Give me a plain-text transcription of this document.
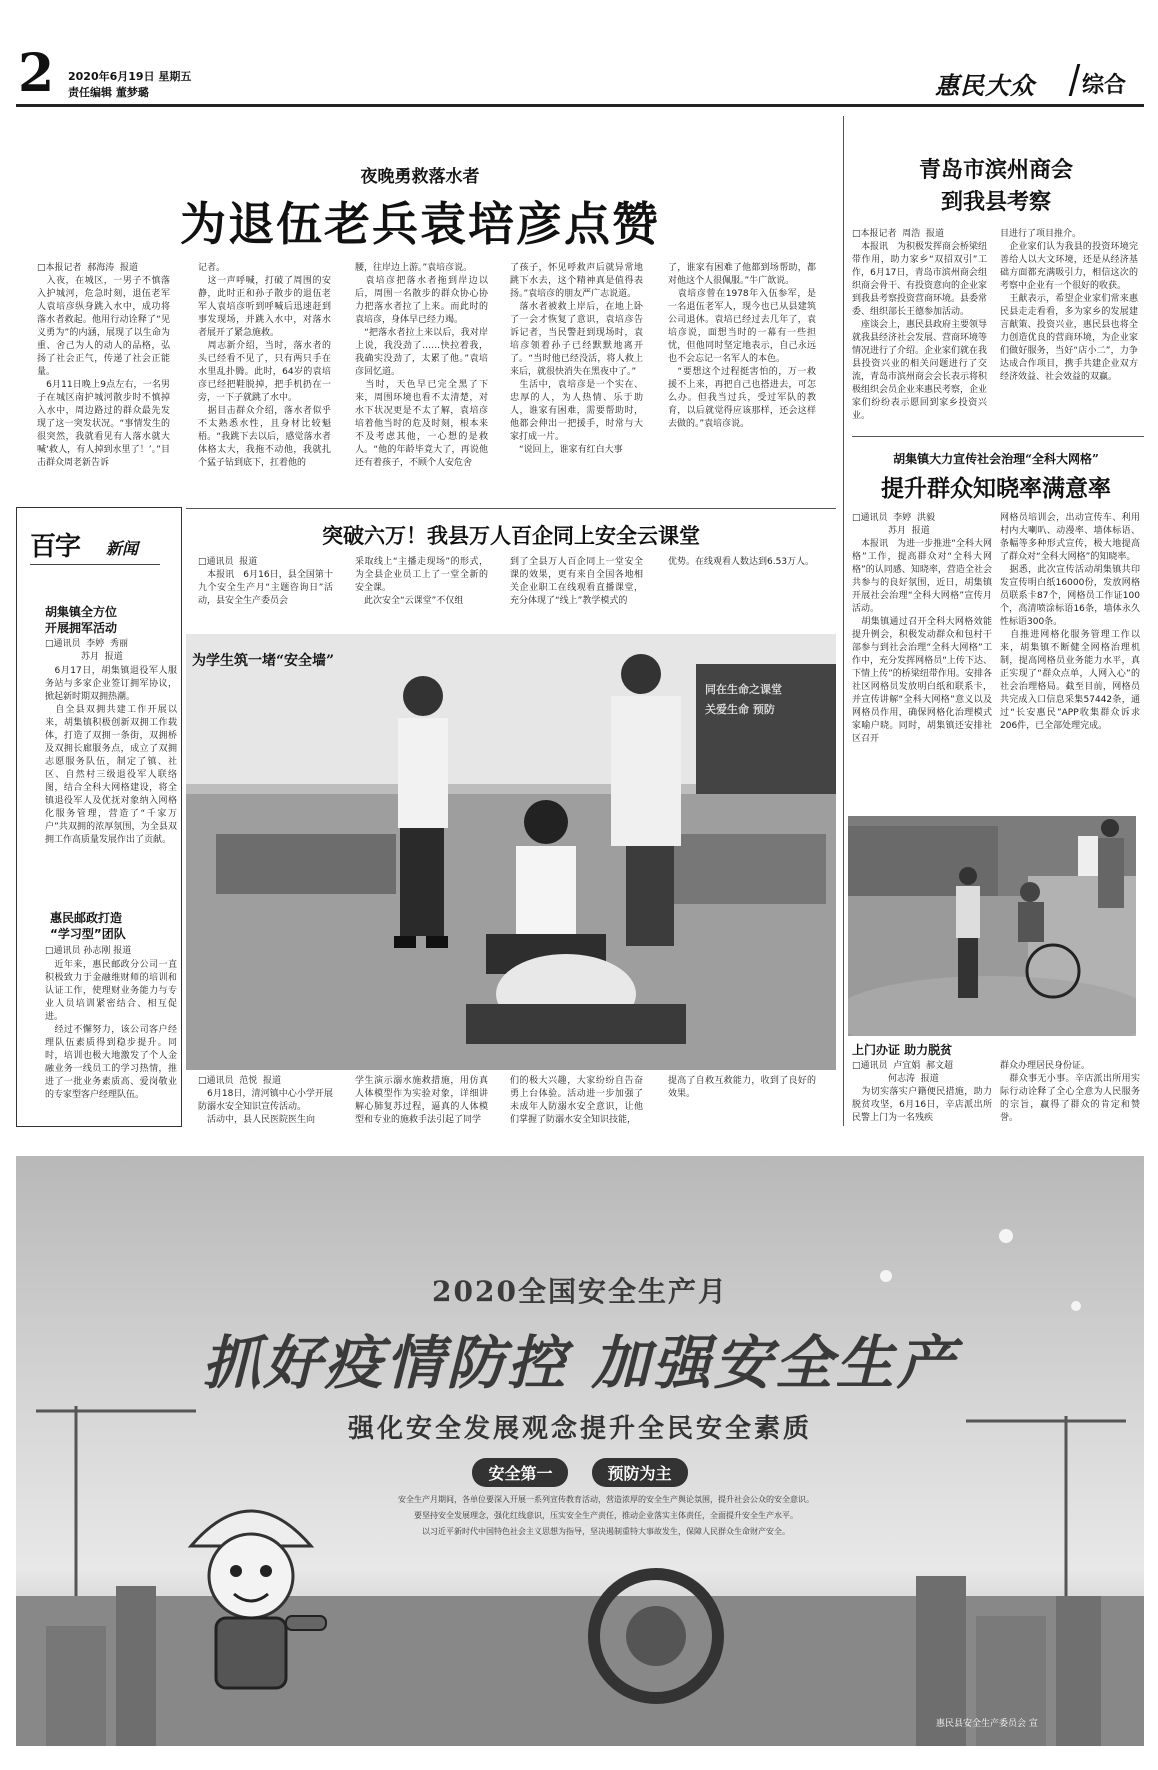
2 2020年6月19日 星期五
责任编辑 董梦璐	惠民大众 综合
夜晚勇救落水者
为退伍老兵袁培彦点赞
□本报记者  郝海涛  报道
　入夜，在城区，一男子不慎落入护城河，危急时刻，退伍老军人袁培彦纵身跳入水中，成功将落水者救起。他用行动诠释了“见义勇为”的内涵，展现了以生命为重、舍己为人的动人的品格，弘扬了社会正气，传递了社会正能量。
　6月11日晚上9点左右，一名男子在城区南护城河散步时不慎掉入水中，周边路过的群众最先发现了这一突发状况。“事情发生的很突然，我就看见有人落水就大喊‘救人，有人掉到水里了！’。”目击群众周老新告诉
记者。
　这一声呼喊，打破了周围的安静，此时正和孙子散步的退伍老军人袁培彦听到呼喊后迅速赶到事发现场，并跳入水中，对落水者展开了紧急施救。
　周志新介绍，当时，落水者的头已经看不见了，只有两只手在水里乱扑腾。此时，64岁的袁培彦已经把鞋脱掉，把手机扔在一旁，一下子就跳了水中。
　据目击群众介绍，落水者似乎不太熟悉水性，且身材比较魁梧。“我跳下去以后，感觉落水者体格太大，我拖不动他，我就扎个猛子钻到底下，扛着他的
腰，往岸边上游。”袁培彦说。
　袁培彦把落水者拖到岸边以后，周围一名散步的群众协心协力把落水者拉了上来。而此时的袁培彦，身体早已经力竭。
　“把落水者拉上来以后，我对岸上说，我没劲了……快拉着我，我确实没劲了，太累了他。”袁培彦回忆道。
　当时，天色早已完全黑了下来，周围环境也看不太清楚，对水下状况更是不太了解，袁培彦培着他当时的危及时刻，根本来不及考虑其他，一心想的是救人。“他的年龄毕竟大了，再说他还有着孩子，不顾个人安危舍
了孩子，怀见呼救声后就异常地跳下水去，这个精神真是值得表扬。”袁培彦的朋友严广志说道。
　落水者被救上岸后，在地上卧了一会才恢复了意识，袁培彦告诉记者，当民警赶到现场时，袁培彦领着孙子已经默默地离开了。“当时他已经没活，将人救上来后，就很快消失在黑夜中了。”
　生活中，袁培彦是一个实在、忠厚的人，为人热情、乐于助人，谁家有困难，需要帮助时，他都会伸出一把援手，时常与大家打成一片。
　“说回上，谁家有红白大事
了，谁家有困难了他都到场帮助，都对他这个人很佩服。”牛广歆说。
　袁培彦曾在1978年入伍参军，是一名退伍老军人，现今也已从县建筑公司退休。袁培已经过去几年了，袁培彦说，面想当时的一幕有一些担忧，但他同时坚定地表示，自己永远也不会忘记一名军人的本色。
　“要想这个过程挺害怕的，万一救援不上来，再把自己也搭进去，可怎么办。但我当过兵，受过军队的教育，以后就觉得应该那样，还会这样去做的。”袁培彦说。
青岛市滨州商会
到我县考察
□本报记者  周浩  报道
　本报讯　为积极发挥商会桥梁纽带作用，助力家乡“双招双引”工作，6月17日，青岛市滨州商会组织商会骨干、有投资意向的企业家到我县考察投资营商环境。县委常委、组织部长王德参加活动。
　座谈会上，惠民县政府主要领导就我县经济社会发展、营商环境等情况进行了介绍。企业家们就在我县投资兴业的相关问题进行了交流，青岛市滨州商会会长表示将积极组织会员企业来惠民考察，企业家们纷纷表示愿回到家乡投资兴业。
目进行了项目推介。
　企业家们认为我县的投资环境完善给人以大文环境，还是从经济基础方面都充满吸引力，相信这次的考察中企业有一个很好的收获。
　王献表示，希望企业家们常来惠民县走走看看，多为家乡的发展建言献策、投资兴业，惠民县也将全力创造优良的营商环境，为企业家们做好服务，当好“店小二”，力争达成合作项目，携手共建企业双方经济效益、社会效益的双赢。
胡集镇大力宣传社会治理“全科大网格”
提升群众知晓率满意率
□通讯员  李婷  洪毅
　　　　苏月  报道
　本报讯　为进一步推进“全科大网格”工作，提高群众对“全科大网格”的认同感、知晓率，营造全社会共参与的良好氛围，近日，胡集镇开展社会治理“全科大网格”宣传月活动。
　胡集镇通过召开全科大网格效能提升例会，积极发动群众和包村干部参与到社会治理“全科大网格”工作中，充分发挥网格员“上传下达、下情上传”的桥梁纽带作用。安排各社区网格员发放明白纸和联系卡，并宣传讲解“全科大网格”意义以及网格员作用，确保网格化治理模式家喻户晓。同时，胡集镇还安排社区召开
网格员培训会，出动宣传车、利用村内大喇叭、动漫率、墙体标语、条幅等多种形式宣传，极大地提高了群众对“全科大网格”的知晓率。
　据悉，此次宣传活动胡集镇共印发宣传明白纸16000份，发放网格员联系卡87个，网格员工作证100个，高清喷涂标语16条，墙体永久性标语300条。
　自推进网格化服务管理工作以来，胡集镇不断健全网格治理机制，提高网格员业务能力水平，真正实现了“群众点单，人网入心”的社会治理格局。截至目前，网格员共完成入口信息采集57442条，通过“长安惠民”APP收集群众诉求206件，已全部处理完成。
上门办证 助力脱贫
□通讯员  卢宜娟  郝文超
　　　　何志涛  报道
　为切实落实户籍便民措施，助力脱贫攻坚，6月16日，辛店派出所民警上门为一名残疾
群众办理居民身份证。
　群众事无小事。辛店派出所用实际行动诠释了全心全意为人民服务的宗旨，赢得了群众的肯定和赞誉。
百字 新闻
胡集镇全方位
开展拥军活动
□通讯员  李婷  秀丽
　　　　苏月  报道
　6月17日，胡集镇退役军人服务站与多家企业签订拥军协议，掀起新时期双拥热潮。
　自全县双拥共建工作开展以来，胡集镇积极创新双拥工作载体，打造了双拥一条街，双拥桥及双拥长廊服务点，成立了双拥志愿服务队伍，制定了镇、社区、自然村三级退役军人联络图，结合全科大网格建设，将全镇退役军人及优抚对象纳入网格化服务管理，营造了“千家万户”共双拥的浓厚氛围，为全县双拥工作高质量发展作出了贡献。
惠民邮政打造
“学习型”团队
□通讯员 孙志刚 报道
　近年来，惠民邮政分公司一直积极致力于金融维财师的培训和认证工作，使理财业务能力与专业人员培训紧密结合、相互促进。
　经过不懈努力，该公司客户经理队伍素质得到稳步提升。同时，培训也极大地激发了个人金融业务一线员工的学习热情，推进了一批业务素质高、爱岗敬业的专家型客户经理队伍。
突破六万！我县万人百企同上安全云课堂
□通讯员  报道
　本报讯　6月16日，县全国第十九个安全生产月“主题咨询日”活动，县安全生产委员会
采取线上“主播走现场”的形式，为全县企业员工上了一堂全新的安全课。
　此次安全“云课堂”不仅组
到了全县万人百企同上一堂安全课的效果，更有来自全国各地相关企业职工在线观看直播课堂，充分体现了“线上”教学模式的
优势。在线观看人数达到6.53万人。
为学生筑一堵“安全墙”
同在生命之课堂
关爱生命 预防
□通讯员  范悦  报道
　6月18日，清河镇中心小学开展防溺水安全知识宣传活动。
　活动中，县人民医院医生向
学生演示溺水施救措施，用仿真人体模型作为实验对象，详细讲解心肺复苏过程，逼真的人体模型和专业的施救手法引起了同学
们的极大兴趣，大家纷纷自告奋勇上台体验。活动进一步加强了未成年人防溺水安全意识，让他们掌握了防溺水安全知识技能，
提高了自救互救能力，收到了良好的效果。
2020全国安全生产月
抓好疫情防控 加强安全生产
强化安全发展观念提升全民安全素质
安全第一	预防为主
安全生产月期间，各单位要深入开展一系列宣传教育活动，营造浓厚的安全生产舆论氛围，提升社会公众的安全意识。
要坚持安全发展理念，强化红线意识，压实安全生产责任，推动企业落实主体责任，全面提升安全生产水平。
以习近平新时代中国特色社会主义思想为指导，坚决遏制重特大事故发生，保障人民群众生命财产安全。
惠民县安全生产委员会 宣
